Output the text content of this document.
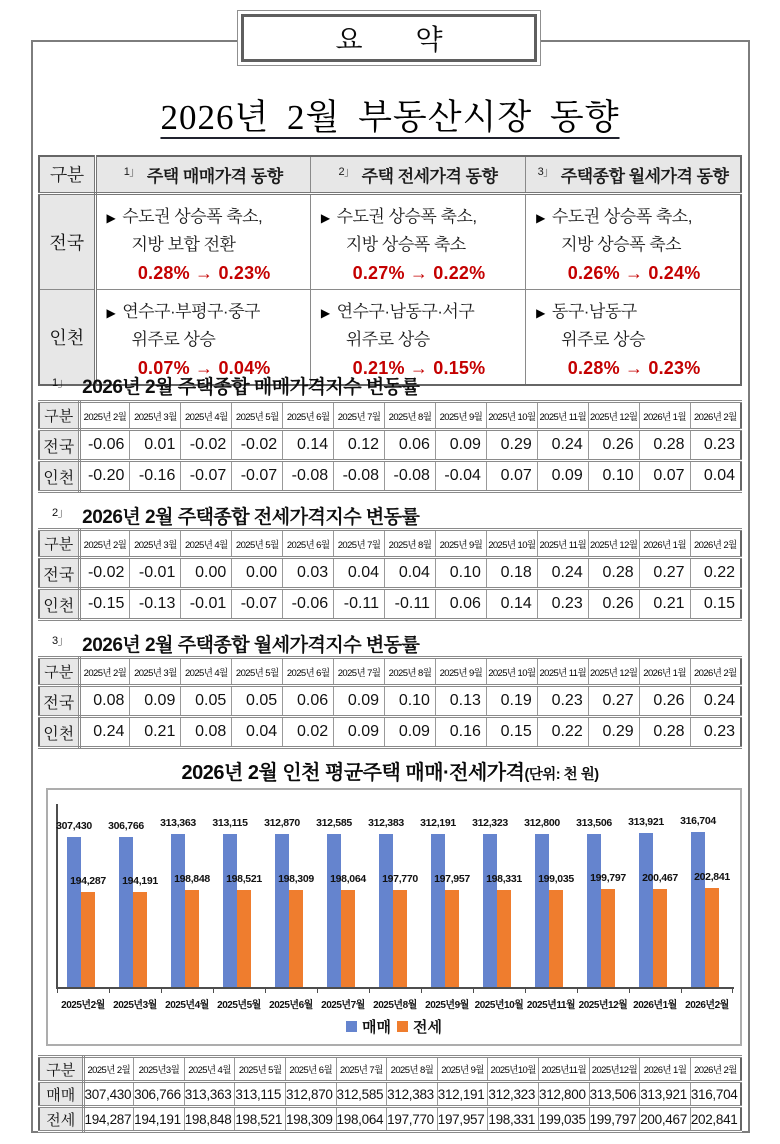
요 약
2026년 2월 부동산시장 동향
구분	$^{1」}$ 주택 매매가격 동향	$^{2」}$ 주택 전세가격 동향	$^{3」}$ 주택종합 월세가격 동향
전국	
▶ 수도권 상승폭 축소,
지방 보합 전환
0.28% → 0.23%

▶ 수도권 상승폭 축소,
지방 상승폭 축소
0.27% → 0.22%

▶ 수도권 상승폭 축소,
지방 상승폭 축소
0.26% → 0.24%

인천	
▶ 연수구·부평구·중구
위주로 상승
0.07% → 0.04%

▶ 연수구·남동구·서구
위주로 상승
0.21% → 0.15%

▶ 동구·남동구
위주로 상승
0.28% → 0.23%
2026년 2월 인천 평균주택 매매·전세가격(단위: 천 원)
매매 전세
307,430
194,287
2025년2월
306,766
194,191
2025년3월
313,363
198,848
2025년4월
313,115
198,521
2025년5월
312,870
198,309
2025년6월
312,585
198,064
2025년7월
312,383
197,770
2025년8월
312,191
197,957
2025년9월
312,323
198,331
2025년10월
312,800
199,035
2025년11월
313,506
199,797
2025년12월
313,921
200,467
2026년1월
316,704
202,841
2026년2월
구분	2025년 2월	2025년3월	2025년 4월	2025년 5월	2025년 6월	2025년 7월	2025년 8월	2025년 9월	2025년10월	2025년11월	2025년12월	2026년 1월	2026년 2월
매매	307,430	306,766	313,363	313,115	312,870	312,585	312,383	312,191	312,323	312,800	313,506	313,921	316,704
전세	194,287	194,191	198,848	198,521	198,309	198,064	197,770	197,957	198,331	199,035	199,797	200,467	202,841
$^{1」}$ 2026년 2월 주택종합 매매가격지수 변동률
구분	2025년 2월	2025년 3월	2025년 4월	2025년 5월	2025년 6월	2025년 7월	2025년 8월	2025년 9월	2025년 10월	2025년 11월	2025년 12월	2026년 1월	2026년 2월
전국	-0.06	0.01	-0.02	-0.02	0.14	0.12	0.06	0.09	0.29	0.24	0.26	0.28	0.23
인천	-0.20	-0.16	-0.07	-0.07	-0.08	-0.08	-0.08	-0.04	0.07	0.09	0.10	0.07	0.04
$^{2」}$ 2026년 2월 주택종합 전세가격지수 변동률
구분	2025년 2월	2025년 3월	2025년 4월	2025년 5월	2025년 6월	2025년 7월	2025년 8월	2025년 9월	2025년 10월	2025년 11월	2025년 12월	2026년 1월	2026년 2월
전국	-0.02	-0.01	0.00	0.00	0.03	0.04	0.04	0.10	0.18	0.24	0.28	0.27	0.22
인천	-0.15	-0.13	-0.01	-0.07	-0.06	-0.11	-0.11	0.06	0.14	0.23	0.26	0.21	0.15
$^{3」}$ 2026년 2월 주택종합 월세가격지수 변동률
구분	2025년 2월	2025년 3월	2025년 4월	2025년 5월	2025년 6월	2025년 7월	2025년 8월	2025년 9월	2025년 10월	2025년 11월	2025년 12월	2026년 1월	2026년 2월
전국	0.08	0.09	0.05	0.05	0.06	0.09	0.10	0.13	0.19	0.23	0.27	0.26	0.24
인천	0.24	0.21	0.08	0.04	0.02	0.09	0.09	0.16	0.15	0.22	0.29	0.28	0.23
